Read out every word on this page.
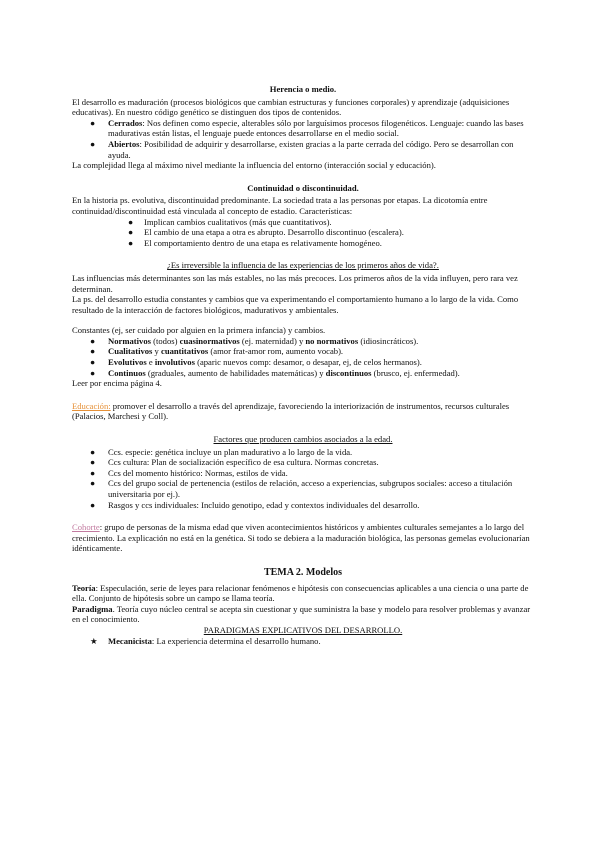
Herencia o medio.

El desarrollo es maduración (procesos biológicos que cambian estructuras y funciones corporales) y aprendizaje (adquisiciones educativas). En nuestro código genético se distinguen dos tipos de contenidos.

● Cerrados: Nos definen como especie, alterables sólo por larguísimos procesos filogenéticos. Lenguaje: cuando las bases madurativas están listas, el lenguaje puede entonces desarrollarse en el medio social.
● Abiertos: Posibilidad de adquirir y desarrollarse, existen gracias a la parte cerrada del código. Pero se desarrollan con ayuda.

La complejidad llega al máximo nivel mediante la influencia del entorno (interacción social y educación).

Continuidad o discontinuidad.

En la historia ps. evolutiva, discontinuidad predominante. La sociedad trata a las personas por etapas. La dicotomía entre continuidad/discontinuidad está vinculada al concepto de estadio. Características:

● Implican cambios cualitativos (más que cuantitativos).
● El cambio de una etapa a otra es abrupto. Desarrollo discontinuo (escalera).
● El comportamiento dentro de una etapa es relativamente homogéneo.
¿Es irreversible la influencia de las experiencias de los primeros años de vida?.

Las influencias más determinantes son las más estables, no las más precoces. Los primeros años de la vida influyen, pero rara vez determinan.

La ps. del desarrollo estudia constantes y cambios que va experimentando el comportamiento humano a lo largo de la vida. Como resultado de la interacción de factores biológicos, madurativos y ambientales.

Constantes (ej, ser cuidado por alguien en la primera infancia) y cambios.

● Normativos (todos) cuasinormativos (ej. maternidad) y no normativos (idiosincráticos).
● Cualitativos y cuantitativos (amor frat-amor rom, aumento vocab).
● Evolutivos e involutivos (aparic nuevos comp: desamor, o desapar, ej, de celos hermanos).
● Continuos (graduales, aumento de habilidades matemáticas) y discontinuos (brusco, ej. enfermedad).

Leer por encima página 4.

Educación: promover el desarrollo a través del aprendizaje, favoreciendo la interiorización de instrumentos, recursos culturales (Palacios, Marchesi y Coll).

Factores que producen cambios asociados a la edad.
● Ccs. especie: genética incluye un plan madurativo a lo largo de la vida.
● Ccs cultura: Plan de socialización específico de esa cultura. Normas concretas.
● Ccs del momento histórico: Normas, estilos de vida.
● Ccs del grupo social de pertenencia (estilos de relación, acceso a experiencias, subgrupos sociales: acceso a titulación universitaria por ej.).
● Rasgos y ccs individuales: Incluido genotipo, edad y contextos individuales del desarrollo.

Cohorte: grupo de personas de la misma edad que viven acontecimientos históricos y ambientes culturales semejantes a lo largo del crecimiento. La explicación no está en la genética. Si todo se debiera a la maduración biológica, las personas gemelas evolucionarían idénticamente.

TEMA 2. Modelos

Teoría: Especulación, serie de leyes para relacionar fenómenos e hipótesis con consecuencias aplicables a una ciencia o una parte de ella. Conjunto de hipótesis sobre un campo se llama teoría.

Paradigma. Teoría cuyo núcleo central se acepta sin cuestionar y que suministra la base y modelo para resolver problemas y avanzar en el conocimiento.

PARADIGMAS EXPLICATIVOS DEL DESARROLLO.
★ Mecanicista: La experiencia determina el desarrollo humano.
